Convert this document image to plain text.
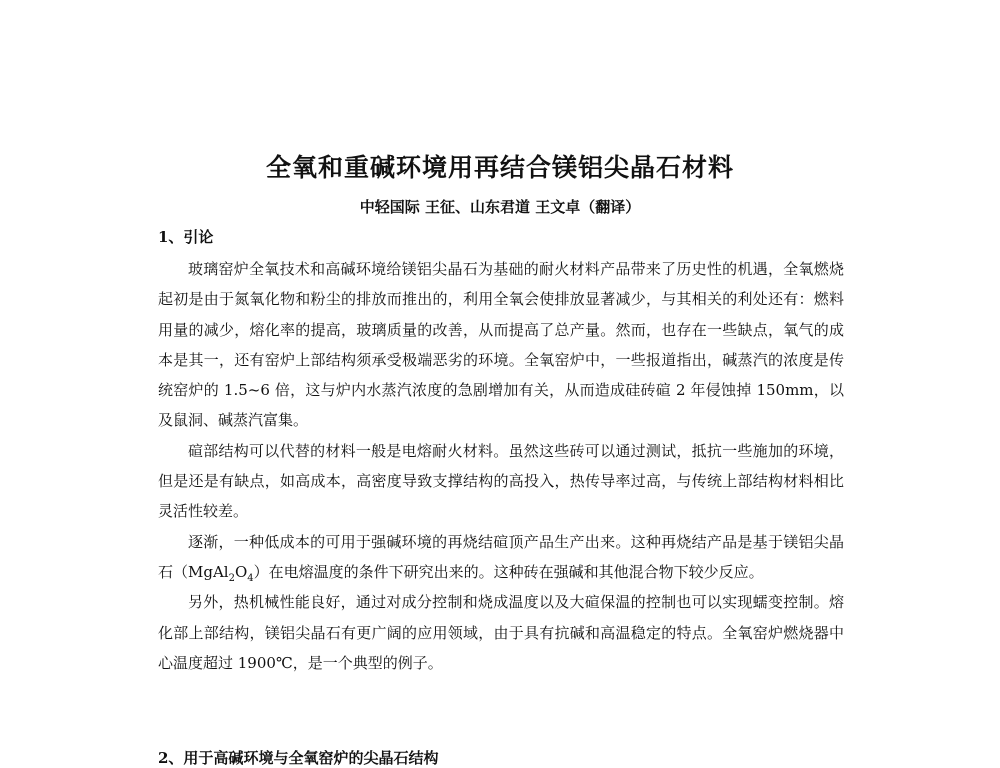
全氧和重碱环境用再结合镁铝尖晶石材料
中轻国际 王征、山东君道 王文卓（翻译）
1、引论

玻璃窑炉全氧技术和高碱环境给镁铝尖晶石为基础的耐火材料产品带来了历史性的机遇，全氧燃烧起初是由于氮氧化物和粉尘的排放而推出的，利用全氧会使排放显著减少，与其相关的利处还有：燃料用量的减少，熔化率的提高，玻璃质量的改善，从而提高了总产量。然而，也存在一些缺点，氧气的成本是其一，还有窑炉上部结构须承受极端恶劣的环境。全氧窑炉中，一些报道指出，碱蒸汽的浓度是传统窑炉的 1.5~6 倍，这与炉内水蒸汽浓度的急剧增加有关，从而造成硅砖碹 2 年侵蚀掉 150mm，以及鼠洞、碱蒸汽富集。

碹部结构可以代替的材料一般是电熔耐火材料。虽然这些砖可以通过测试，抵抗一些施加的环境，但是还是有缺点，如高成本，高密度导致支撑结构的高投入，热传导率过高，与传统上部结构材料相比灵活性较差。

逐渐，一种低成本的可用于强碱环境的再烧结碹顶产品生产出来。这种再烧结产品是基于镁铝尖晶石$(MgAl_2O_4)$在电熔温度的条件下研究出来的。这种砖在强碱和其他混合物下较少反应。

另外，热机械性能良好，通过对成分控制和烧成温度以及大碹保温的控制也可以实现蠕变控制。熔化部上部结构，镁铝尖晶石有更广阔的应用领域，由于具有抗碱和高温稳定的特点。全氧窑炉燃烧器中心温度超过 1900℃，是一个典型的例子。

2、用于高碱环境与全氧窑炉的尖晶石结构
